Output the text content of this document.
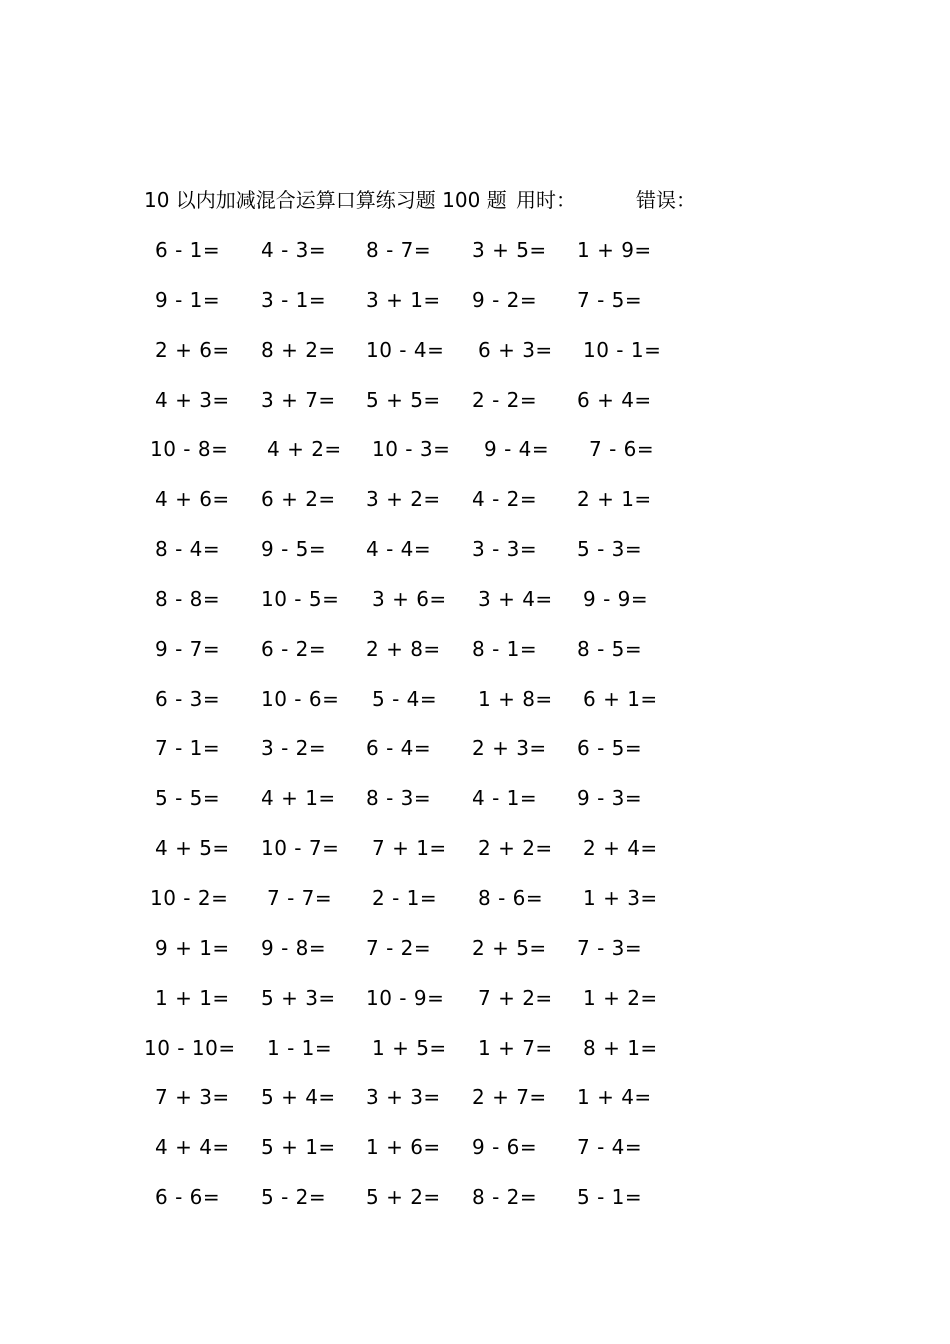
10 以内加减混合运算口算练习题 100 题 用时：	错误：
6 - 1= 4 - 3= 8 - 7= 3 + 5= 1 + 9=
9 - 1= 3 - 1= 3 + 1= 9 - 2= 7 - 5=
2 + 6= 8 + 2= 10 - 4= 6 + 3= 10 - 1=
4 + 3= 3 + 7= 5 + 5= 2 - 2= 6 + 4=
10 - 8= 4 + 2= 10 - 3= 9 - 4= 7 - 6=
4 + 6= 6 + 2= 3 + 2= 4 - 2= 2 + 1=
8 - 4= 9 - 5= 4 - 4= 3 - 3= 5 - 3=
8 - 8= 10 - 5= 3 + 6= 3 + 4= 9 - 9=
9 - 7= 6 - 2= 2 + 8= 8 - 1= 8 - 5=
6 - 3= 10 - 6= 5 - 4= 1 + 8= 6 + 1=
7 - 1= 3 - 2= 6 - 4= 2 + 3= 6 - 5=
5 - 5= 4 + 1= 8 - 3= 4 - 1= 9 - 3=
4 + 5= 10 - 7= 7 + 1= 2 + 2= 2 + 4=
10 - 2= 7 - 7= 2 - 1= 8 - 6= 1 + 3=
9 + 1= 9 - 8= 7 - 2= 2 + 5= 7 - 3=
1 + 1= 5 + 3= 10 - 9= 7 + 2= 1 + 2=
10 - 10= 1 - 1= 1 + 5= 1 + 7= 8 + 1=
7 + 3= 5 + 4= 3 + 3= 2 + 7= 1 + 4=
4 + 4= 5 + 1= 1 + 6= 9 - 6= 7 - 4=
6 - 6= 5 - 2= 5 + 2= 8 - 2= 5 - 1=
